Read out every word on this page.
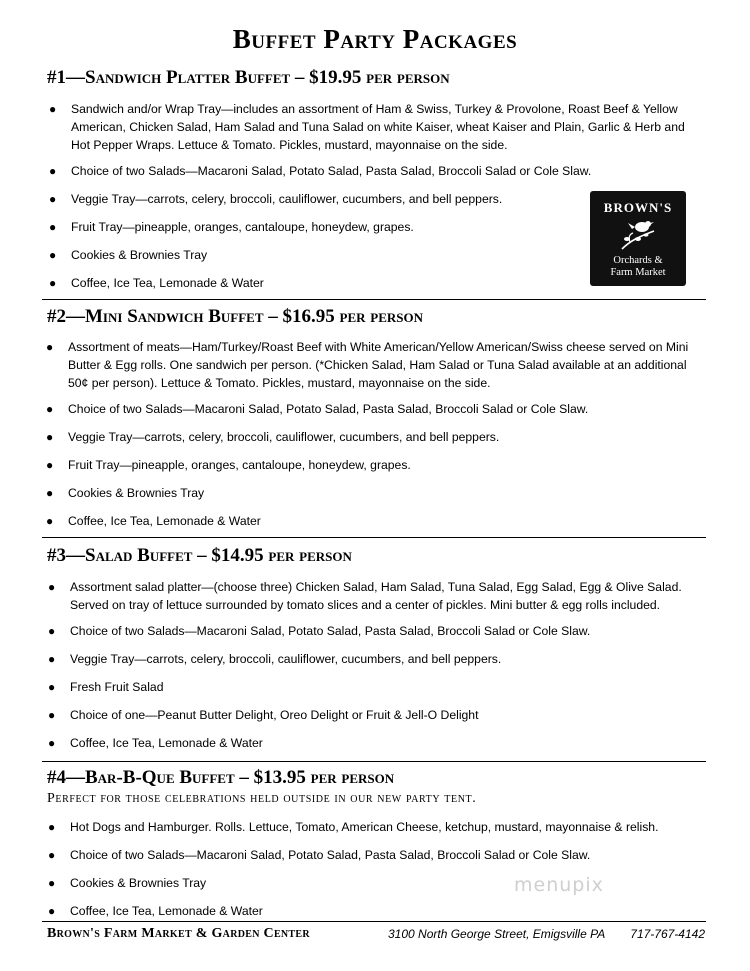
Buffet Party Packages
#1—Sandwich Platter Buffet – $19.95 per person
● Sandwich and/or Wrap Tray—includes an assortment of Ham & Swiss, Turkey & Provolone, Roast Beef & Yellow
American, Chicken Salad, Ham Salad and Tuna Salad on white Kaiser, wheat Kaiser and Plain, Garlic & Herb and
Hot Pepper Wraps. Lettuce & Tomato. Pickles, mustard, mayonnaise on the side.
● Choice of two Salads—Macaroni Salad, Potato Salad, Pasta Salad, Broccoli Salad or Cole Slaw.
● Veggie Tray—carrots, celery, broccoli, cauliflower, cucumbers, and bell peppers.
● Fruit Tray—pineapple, oranges, cantaloupe, honeydew, grapes.
● Cookies & Brownies Tray
● Coffee, Ice Tea, Lemonade & Water
BROWN'S
Orchards &
Farm Market
#2—Mini Sandwich Buffet – $16.95 per person
● Assortment of meats—Ham/Turkey/Roast Beef with White American/Yellow American/Swiss cheese served on Mini
Butter & Egg rolls. One sandwich per person. (*Chicken Salad, Ham Salad or Tuna Salad available at an additional
50¢ per person). Lettuce & Tomato. Pickles, mustard, mayonnaise on the side.
● Choice of two Salads—Macaroni Salad, Potato Salad, Pasta Salad, Broccoli Salad or Cole Slaw.
● Veggie Tray—carrots, celery, broccoli, cauliflower, cucumbers, and bell peppers.
● Fruit Tray—pineapple, oranges, cantaloupe, honeydew, grapes.
● Cookies & Brownies Tray
● Coffee, Ice Tea, Lemonade & Water
#3—Salad Buffet – $14.95 per person
● Assortment salad platter—(choose three) Chicken Salad, Ham Salad, Tuna Salad, Egg Salad, Egg & Olive Salad.
Served on tray of lettuce surrounded by tomato slices and a center of pickles. Mini butter & egg rolls included.
● Choice of two Salads—Macaroni Salad, Potato Salad, Pasta Salad, Broccoli Salad or Cole Slaw.
● Veggie Tray—carrots, celery, broccoli, cauliflower, cucumbers, and bell peppers.
● Fresh Fruit Salad
● Choice of one—Peanut Butter Delight, Oreo Delight or Fruit & Jell-O Delight
● Coffee, Ice Tea, Lemonade & Water
#4—Bar-B-Que Buffet – $13.95 per person
Perfect for those celebrations held outside in our new party tent.
● Hot Dogs and Hamburger. Rolls. Lettuce, Tomato, American Cheese, ketchup, mustard, mayonnaise & relish.
● Choice of two Salads—Macaroni Salad, Potato Salad, Pasta Salad, Broccoli Salad or Cole Slaw.
● Cookies & Brownies Tray
● Coffee, Ice Tea, Lemonade & Water
menupix
Brown's Farm Market & Garden Center	3100 North George Street, Emigsville PA 717-767-4142
